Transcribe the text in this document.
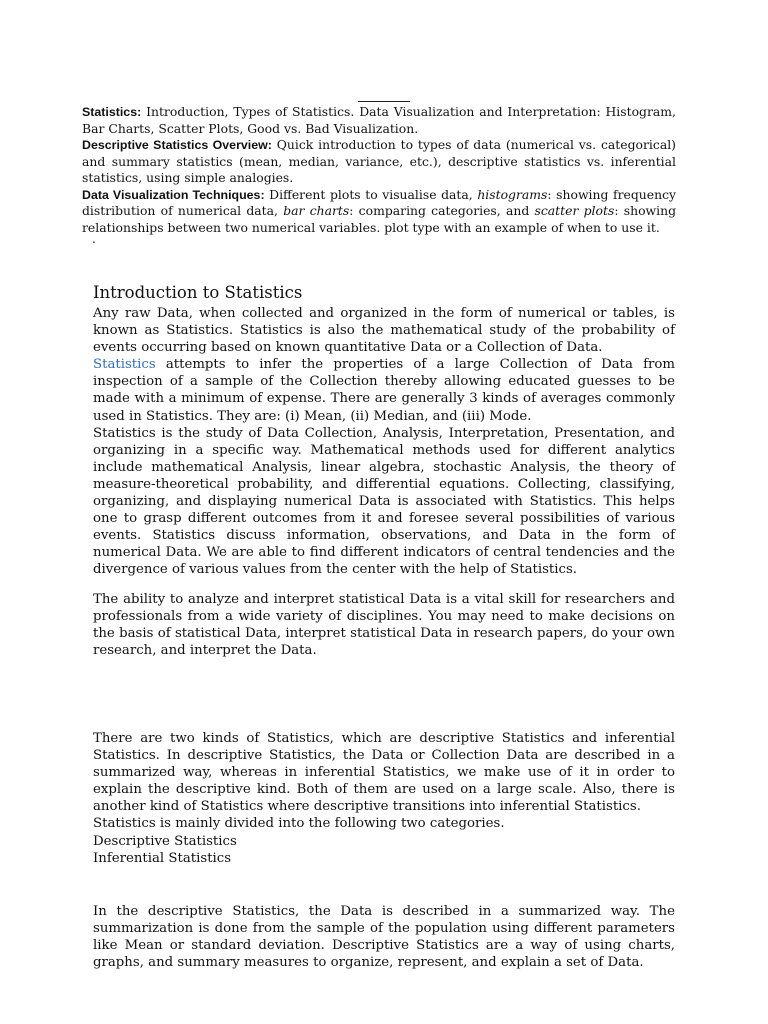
Statistics: Introduction, Types of Statistics. Data Visualization and Interpretation: Histogram, Bar Charts, Scatter Plots, Good vs. Bad Visualization.

Descriptive Statistics Overview: Quick introduction to types of data (numerical vs. categorical) and summary statistics (mean, median, variance, etc.), descriptive statistics vs. inferential statistics, using simple analogies.

Data Visualization Techniques: Different plots to visualise data, histograms: showing frequency distribution of numerical data, bar charts: comparing categories, and scatter plots: showing relationships between two numerical variables. plot type with an example of when to use it.

.
Introduction to Statistics

Any raw Data, when collected and organized in the form of numerical or tables, is known as Statistics. Statistics is also the mathematical study of the probability of events occurring based on known quantitative Data or a Collection of Data.

Statistics attempts to infer the properties of a large Collection of Data from inspection of a sample of the Collection thereby allowing educated guesses to be made with a minimum of expense. There are generally 3 kinds of averages commonly used in Statistics. They are: (i) Mean, (ii) Median, and (iii) Mode.

Statistics is the study of Data Collection, Analysis, Interpretation, Presentation, and organizing in a specific way. Mathematical methods used for different analytics include mathematical Analysis, linear algebra, stochastic Analysis, the theory of measure-theoretical probability, and differential equations. Collecting, classifying, organizing, and displaying numerical Data is associated with Statistics. This helps one to grasp different outcomes from it and foresee several possibilities of various events. Statistics discuss information, observations, and Data in the form of numerical Data. We are able to find different indicators of central tendencies and the divergence of various values from the center with the help of Statistics.

The ability to analyze and interpret statistical Data is a vital skill for researchers and professionals from a wide variety of disciplines. You may need to make decisions on the basis of statistical Data, interpret statistical Data in research papers, do your own research, and interpret the Data.

There are two kinds of Statistics, which are descriptive Statistics and inferential Statistics. In descriptive Statistics, the Data or Collection Data are described in a summarized way, whereas in inferential Statistics, we make use of it in order to explain the descriptive kind. Both of them are used on a large scale. Also, there is another kind of Statistics where descriptive transitions into inferential Statistics.

Statistics is mainly divided into the following two categories.

Descriptive Statistics

Inferential Statistics

In the descriptive Statistics, the Data is described in a summarized way. The summarization is done from the sample of the population using different parameters like Mean or standard deviation. Descriptive Statistics are a way of using charts, graphs, and summary measures to organize, represent, and explain a set of Data.
